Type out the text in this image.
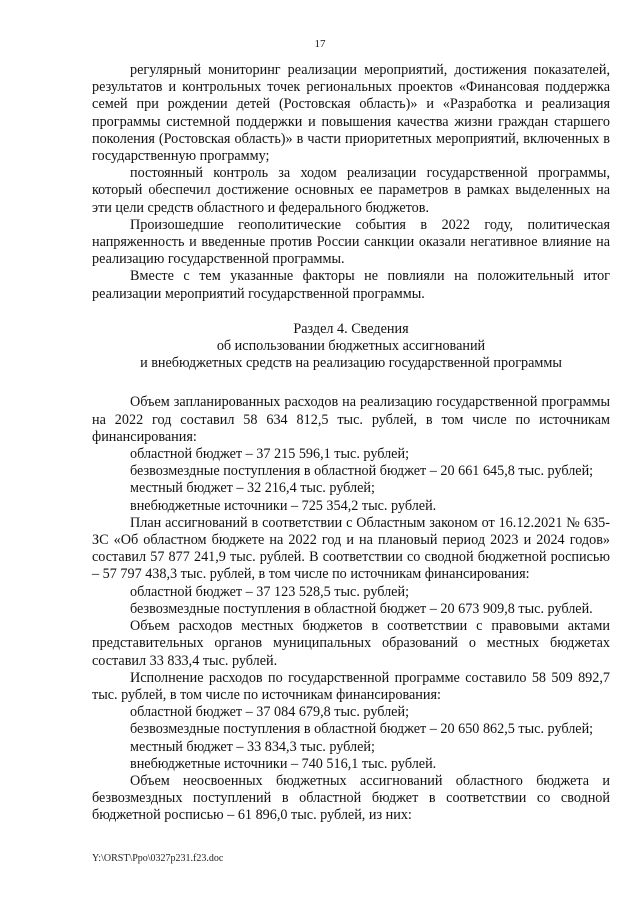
17

регулярный мониторинг реализации мероприятий, достижения показателей, результатов и контрольных точек региональных проектов «Финансовая поддержка семей при рождении детей (Ростовская область)» и «Разработка и реализация программы системной поддержки и повышения качества жизни граждан старшего поколения (Ростовская область)» в части приоритетных мероприятий, включенных в государственную программу;

постоянный контроль за ходом реализации государственной программы, который обеспечил достижение основных ее параметров в рамках выделенных на эти цели средств областного и федерального бюджетов.

Произошедшие геополитические события в 2022 году, политическая напряженность и введенные против России санкции оказали негативное влияние на реализацию государственной программы.

Вместе с тем указанные факторы не повлияли на положительный итог реализации мероприятий государственной программы.

Раздел 4. Сведения
об использовании бюджетных ассигнований
и внебюджетных средств на реализацию государственной программы

Объем запланированных расходов на реализацию государственной программы на 2022 год составил 58 634 812,5 тыс. рублей, в том числе по источникам финансирования:

областной бюджет – 37 215 596,1 тыс. рублей;

безвозмездные поступления в областной бюджет – 20 661 645,8 тыс. рублей;

местный бюджет – 32 216,4 тыс. рублей;

внебюджетные источники – 725 354,2 тыс. рублей.

План ассигнований в соответствии с Областным законом от 16.12.2021 № 635-ЗС «Об областном бюджете на 2022 год и на плановый период 2023 и 2024 годов» составил 57 877 241,9 тыс. рублей. В соответствии со сводной бюджетной росписью – 57 797 438,3 тыс. рублей, в том числе по источникам финансирования:

областной бюджет – 37 123 528,5 тыс. рублей;

безвозмездные поступления в областной бюджет – 20 673 909,8 тыс. рублей.

Объем расходов местных бюджетов в соответствии с правовыми актами представительных органов муниципальных образований о местных бюджетах составил 33 833,4 тыс. рублей.

Исполнение расходов по государственной программе составило 58 509 892,7 тыс. рублей, в том числе по источникам финансирования:

областной бюджет – 37 084 679,8 тыс. рублей;

безвозмездные поступления в областной бюджет – 20 650 862,5 тыс. рублей;

местный бюджет – 33 834,3 тыс. рублей;

внебюджетные источники – 740 516,1 тыс. рублей.

Объем неосвоенных бюджетных ассигнований областного бюджета и безвозмездных поступлений в областной бюджет в соответствии со сводной бюджетной росписью – 61 896,0 тыс. рублей, из них:

Y:\ORST\Ppo\0327p231.f23.doc
